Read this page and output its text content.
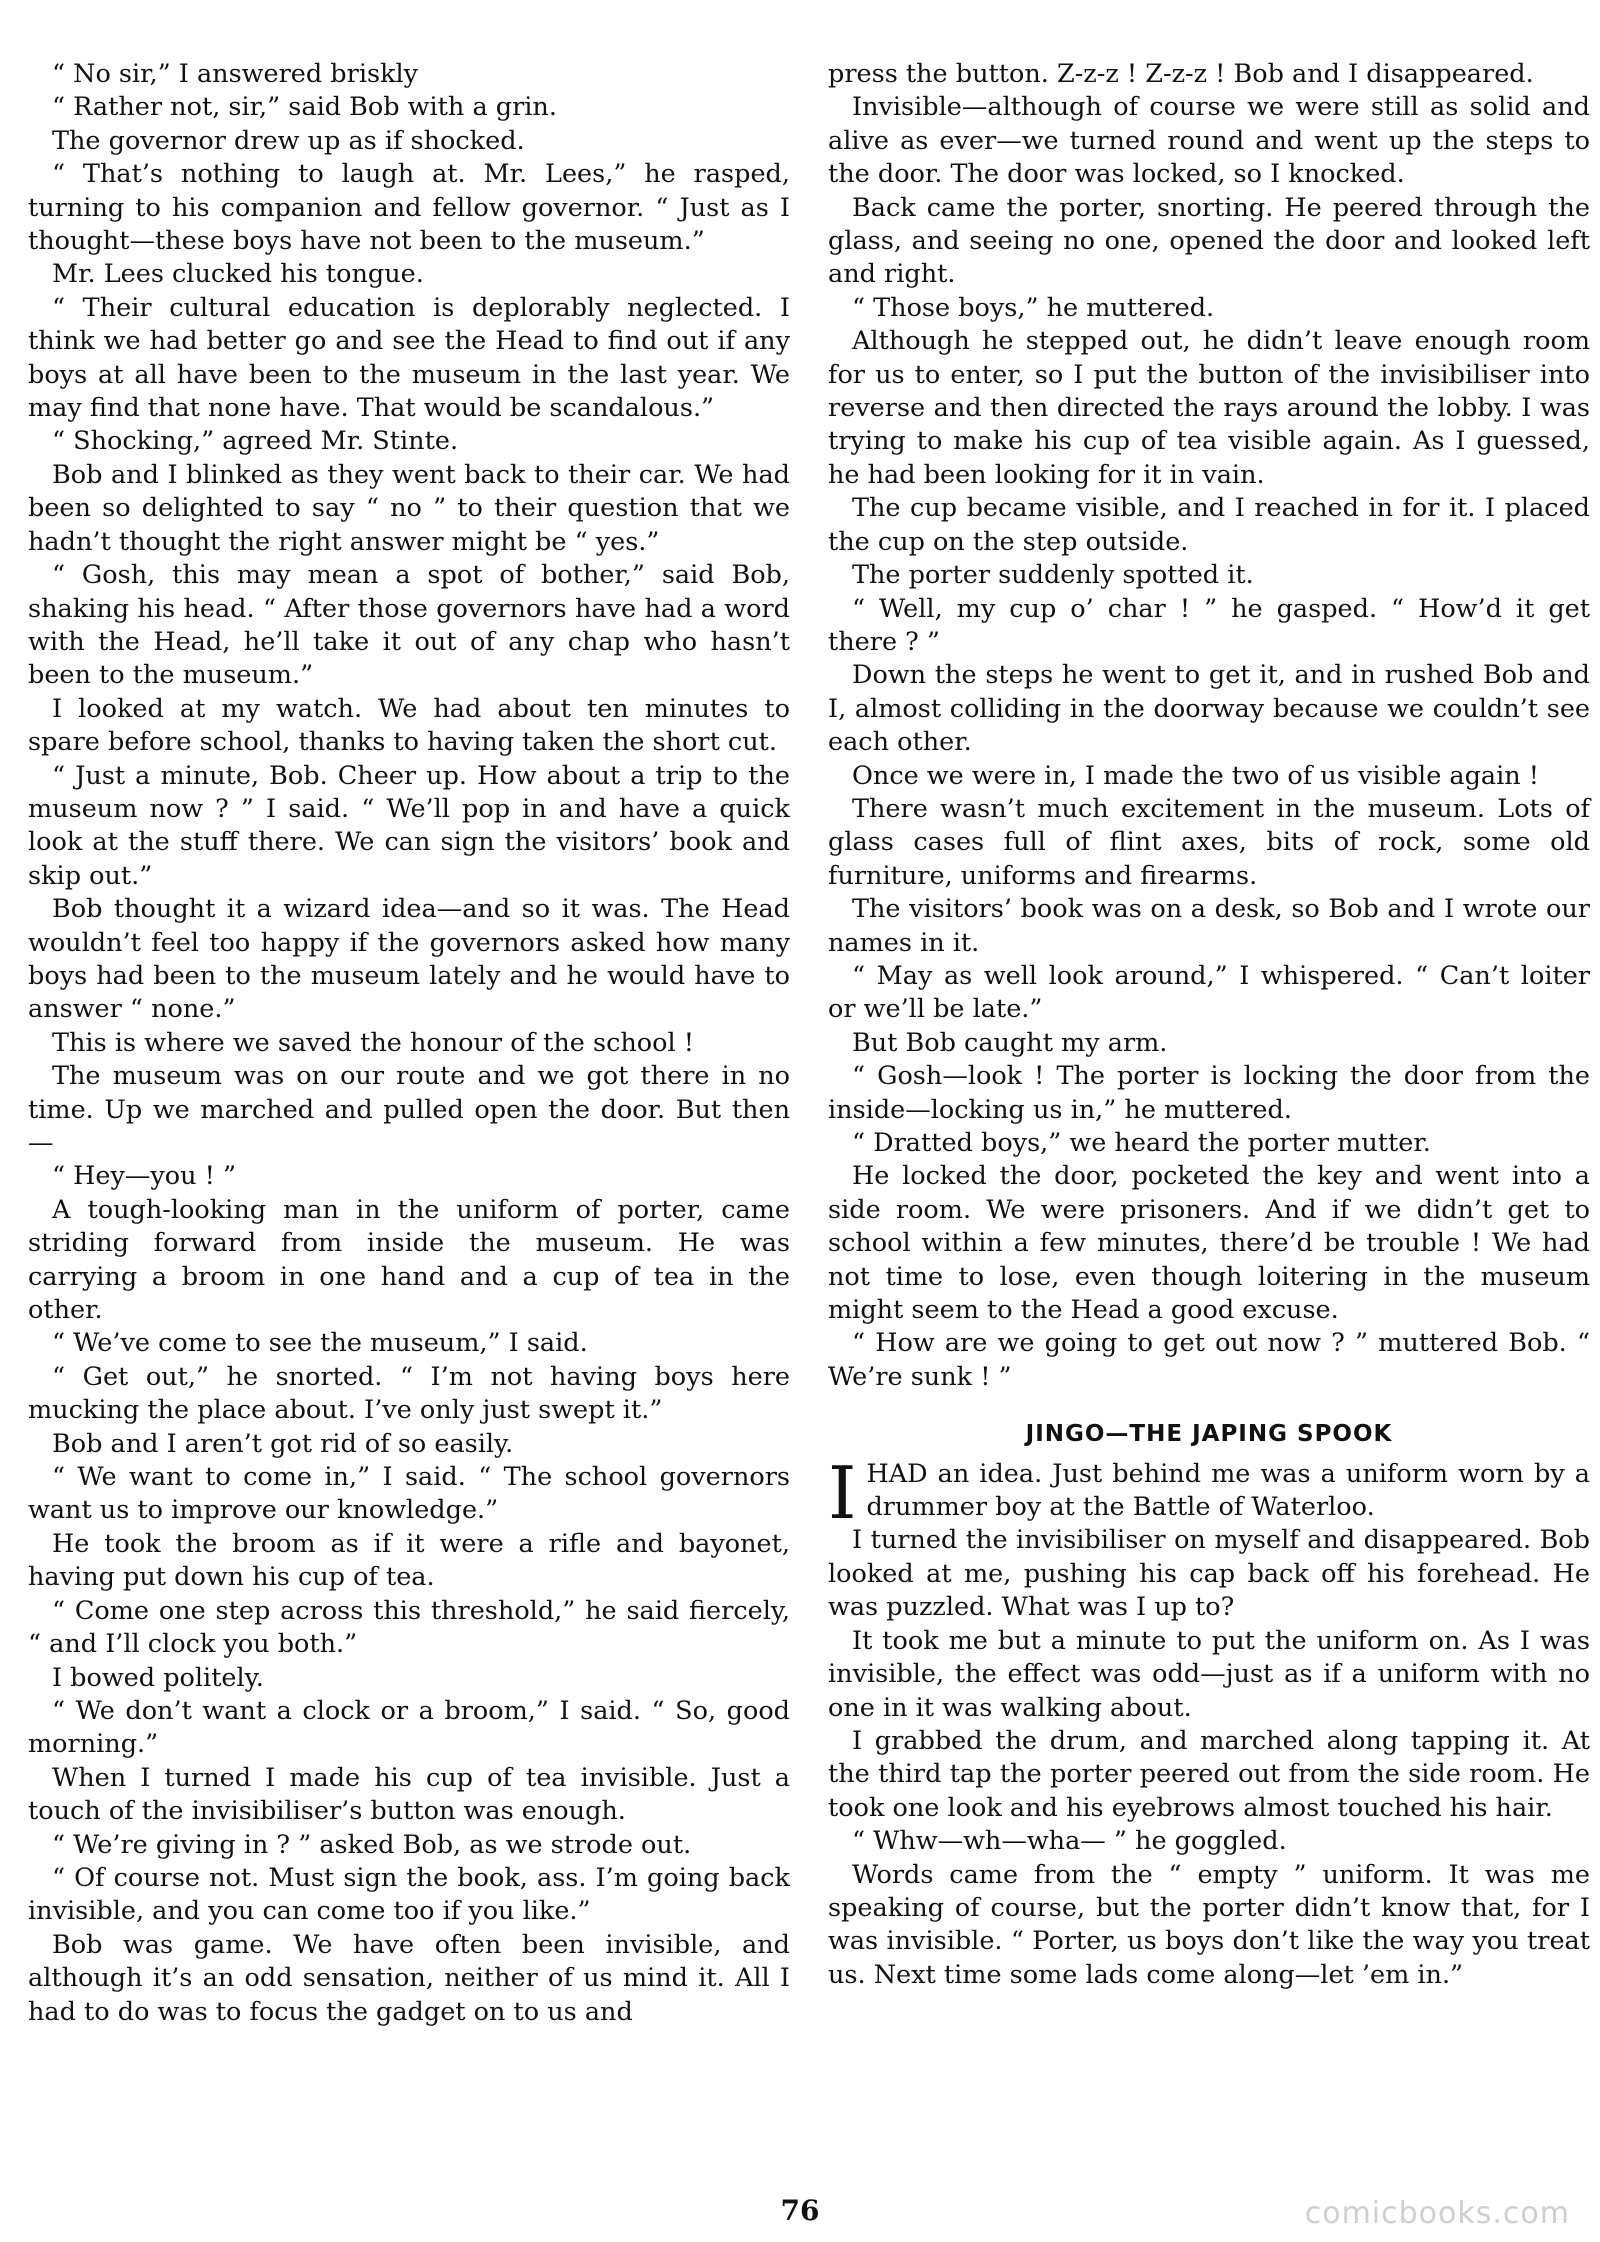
“ No sir,” I answered briskly

“ Rather not, sir,” said Bob with a grin.

The governor drew up as if shocked.

“ That’s nothing to laugh at. Mr. Lees,” he rasped, turning to his companion and fellow governor. “ Just as I thought—these boys have not been to the museum.”

Mr. Lees clucked his tongue.

“ Their cultural education is deplorably neglected. I think we had better go and see the Head to find out if any boys at all have been to the museum in the last year. We may find that none have. That would be scandalous.”

“ Shocking,” agreed Mr. Stinte.

Bob and I blinked as they went back to their car. We had been so delighted to say “ no ” to their question that we hadn’t thought the right answer might be “ yes.”

“ Gosh, this may mean a spot of bother,” said Bob, shaking his head. “ After those governors have had a word with the Head, he’ll take it out of any chap who hasn’t been to the museum.”

I looked at my watch. We had about ten minutes to spare before school, thanks to having taken the short cut.

“ Just a minute, Bob. Cheer up. How about a trip to the museum now ? ” I said. “ We’ll pop in and have a quick look at the stuff there. We can sign the visitors’ book and skip out.”

Bob thought it a wizard idea—and so it was. The Head wouldn’t feel too happy if the governors asked how many boys had been to the museum lately and he would have to answer “ none.”

This is where we saved the honour of the school !

The museum was on our route and we got there in no time. Up we marched and pulled open the door. But then—

“ Hey—you ! ”

A tough-looking man in the uniform of porter, came striding forward from inside the museum. He was carrying a broom in one hand and a cup of tea in the other.

“ We’ve come to see the museum,” I said.

“ Get out,” he snorted. “ I’m not having boys here mucking the place about. I’ve only just swept it.”

Bob and I aren’t got rid of so easily.

“ We want to come in,” I said. “ The school governors want us to improve our knowledge.”

He took the broom as if it were a rifle and bayonet, having put down his cup of tea.

“ Come one step across this threshold,” he said fiercely, “ and I’ll clock you both.”

I bowed politely.

“ We don’t want a clock or a broom,” I said. “ So, good morning.”

When I turned I made his cup of tea invisible. Just a touch of the invisibiliser’s button was enough.

“ We’re giving in ? ” asked Bob, as we strode out.

“ Of course not. Must sign the book, ass. I’m going back invisible, and you can come too if you like.”

Bob was game. We have often been invisible, and although it’s an odd sensation, neither of us mind it. All I had to do was to focus the gadget on to us and

press the button. Z-z-z ! Z-z-z ! Bob and I disappeared.

Invisible—although of course we were still as solid and alive as ever—we turned round and went up the steps to the door. The door was locked, so I knocked.

Back came the porter, snorting. He peered through the glass, and seeing no one, opened the door and looked left and right.

“ Those boys,” he muttered.

Although he stepped out, he didn’t leave enough room for us to enter, so I put the button of the invisibiliser into reverse and then directed the rays around the lobby. I was trying to make his cup of tea visible again. As I guessed, he had been looking for it in vain.

The cup became visible, and I reached in for it. I placed the cup on the step outside.

The porter suddenly spotted it.

“ Well, my cup o’ char ! ” he gasped. “ How’d it get there ? ”

Down the steps he went to get it, and in rushed Bob and I, almost colliding in the doorway because we couldn’t see each other.

Once we were in, I made the two of us visible again !

There wasn’t much excitement in the museum. Lots of glass cases full of flint axes, bits of rock, some old furniture, uniforms and firearms.

The visitors’ book was on a desk, so Bob and I wrote our names in it.

“ May as well look around,” I whispered. “ Can’t loiter or we’ll be late.”

But Bob caught my arm.

“ Gosh—look ! The porter is locking the door from the inside—locking us in,” he muttered.

“ Dratted boys,” we heard the porter mutter.

He locked the door, pocketed the key and went into a side room. We were prisoners. And if we didn’t get to school within a few minutes, there’d be trouble ! We had not time to lose, even though loitering in the museum might seem to the Head a good excuse.

“ How are we going to get out now ? ” muttered Bob. “ We’re sunk ! ”

JINGO—THE JAPING SPOOK

IHAD an idea. Just behind me was a uniform worn by a drummer boy at the Battle of Waterloo.

I turned the invisibiliser on myself and disappeared. Bob looked at me, pushing his cap back off his forehead. He was puzzled. What was I up to?

It took me but a minute to put the uniform on. As I was invisible, the effect was odd—just as if a uniform with no one in it was walking about.

I grabbed the drum, and marched along tapping it. At the third tap the porter peered out from the side room. He took one look and his eyebrows almost touched his hair.

“ Whw—wh—wha— ” he goggled.

Words came from the “ empty ” uniform. It was me speaking of course, but the porter didn’t know that, for I was invisible. “ Porter, us boys don’t like the way you treat us. Next time some lads come along—let ’em in.”

76	comicbooks.com
